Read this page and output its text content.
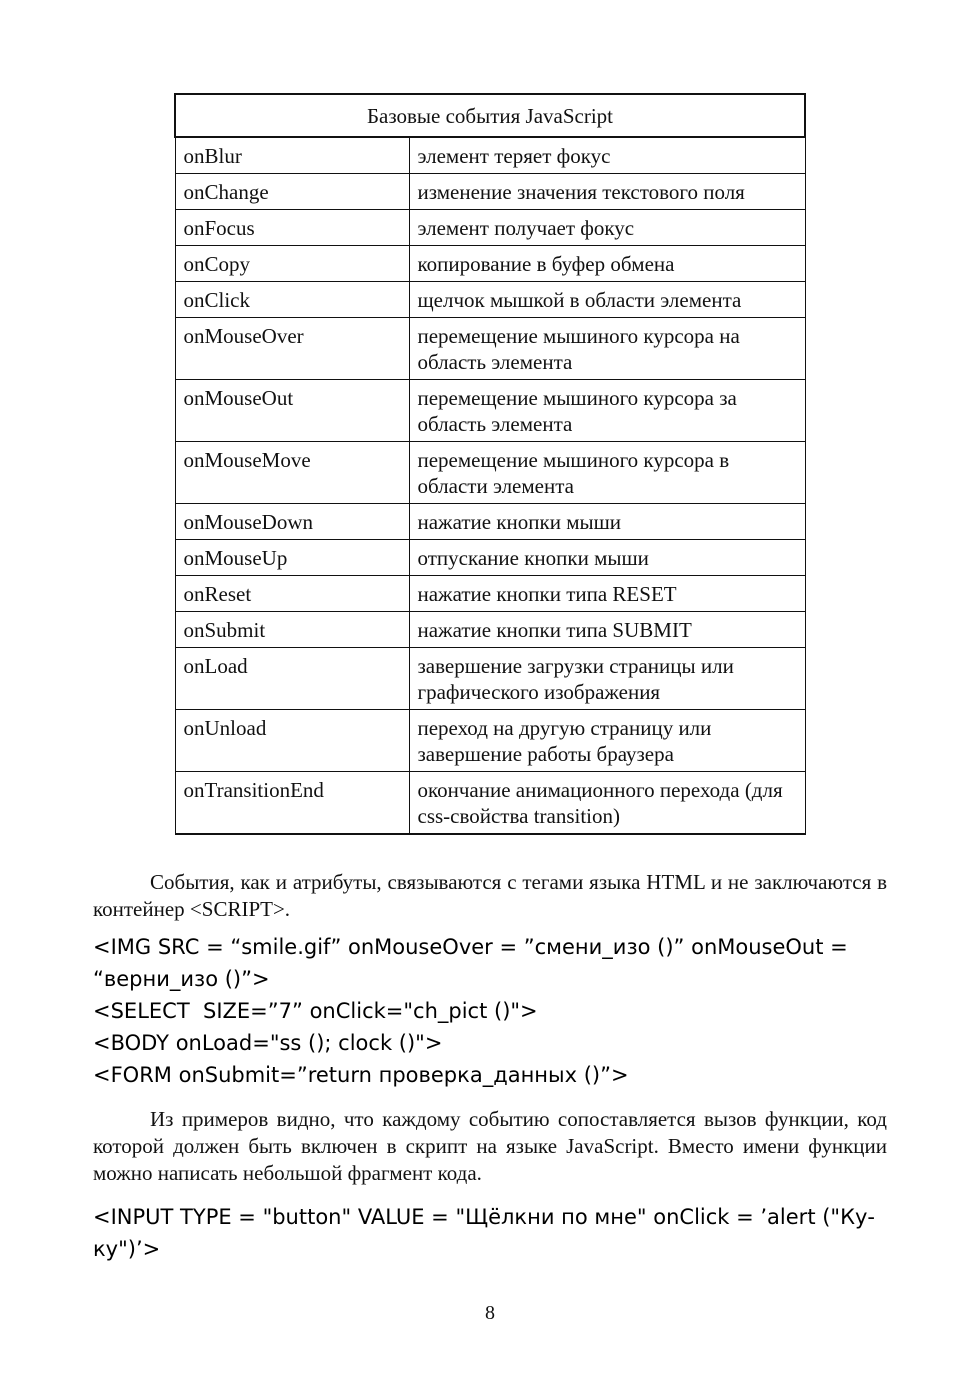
Базовые события JavaScript	
onBlur	элемент теряет фокус
onChange	изменение значения текстового поля
onFocus	элемент получает фокус
onCopy	копирование в буфер обмена
onClick	щелчок мышкой в области элемента
onMouseOver	перемещение мышиного курсора на область элемента
onMouseOut	перемещение мышиного курсора за область элемента
onMouseMove	перемещение мышиного курсора в области элемента
onMouseDown	нажатие кнопки мыши
onMouseUp	отпускание кнопки мыши
onReset	нажатие кнопки типа RESET
onSubmit	нажатие кнопки типа SUBMIT
onLoad	завершение загрузки страницы или графического изображения
onUnload	переход на другую страницу или завершение работы браузера
onTransitionEnd	окончание анимационного перехода (для css-свойства transition)

События, как и атрибуты, связываются с тегами языка HTML и не заключаются в контейнер <SCRIPT>.

<IMG SRC = “smile.gif” onMouseOver = ”смени_изо ()” onMouseOut =
“верни_изо ()”>
<SELECT  SIZE=”7” onClick="ch_pict ()">
<BODY onLoad="ss (); clock ()">
<FORM onSubmit=”return проверка_данных ()”>

Из примеров видно, что каждому событию сопоставляется вызов функции, код которой должен быть включен в скрипт на языке JavaScript. Вместо имени функции можно написать небольшой фрагмент кода.

<INPUT TYPE = "button" VALUE = "Щёлкни по мне" onClick = ’alert ("Ку-
ку")’>
8
